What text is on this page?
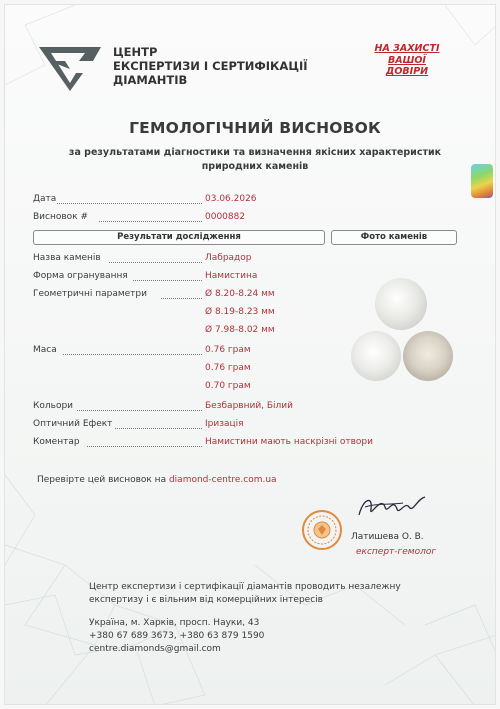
ЦЕНТР
ЕКСПЕРТИЗИ І СЕРТИФІКАЦІЇ
ДІАМАНТІВ
НА ЗАХИСТІ
ВАШОЇ
ДОВІРИ
ГЕМОЛОГІЧНИЙ ВИСНОВОК
за результатами діагностики та визначення якісних характеристик
природних каменів
Дата	03.06.2026
Висновок #	0000882
Результати дослідження	Фото каменів
Назва каменів	Лабрадор
Форма огранування	Намистина
Геометричні параметри	Ø 8.20-8.24 мм
Ø 8.19-8.23 мм
Ø 7.98-8.02 мм
Маса	0.76 грам
0.76 грам
0.70 грам
Кольори	Безбарвний, Білий
Оптичний Ефект	Іризація
Коментар	Намистини мають наскрізні отвори
Перевірте цей висновок на diamond-centre.com.ua
Латишева О. В.
експерт-гемолог
Центр експертизи і сертифікації діамантів проводить незалежну
експертизу і є вільним від комерційних інтересів
Україна, м. Харків, просп. Науки, 43
+380 67 689 3673, +380 63 879 1590
centre.diamonds@gmail.com
